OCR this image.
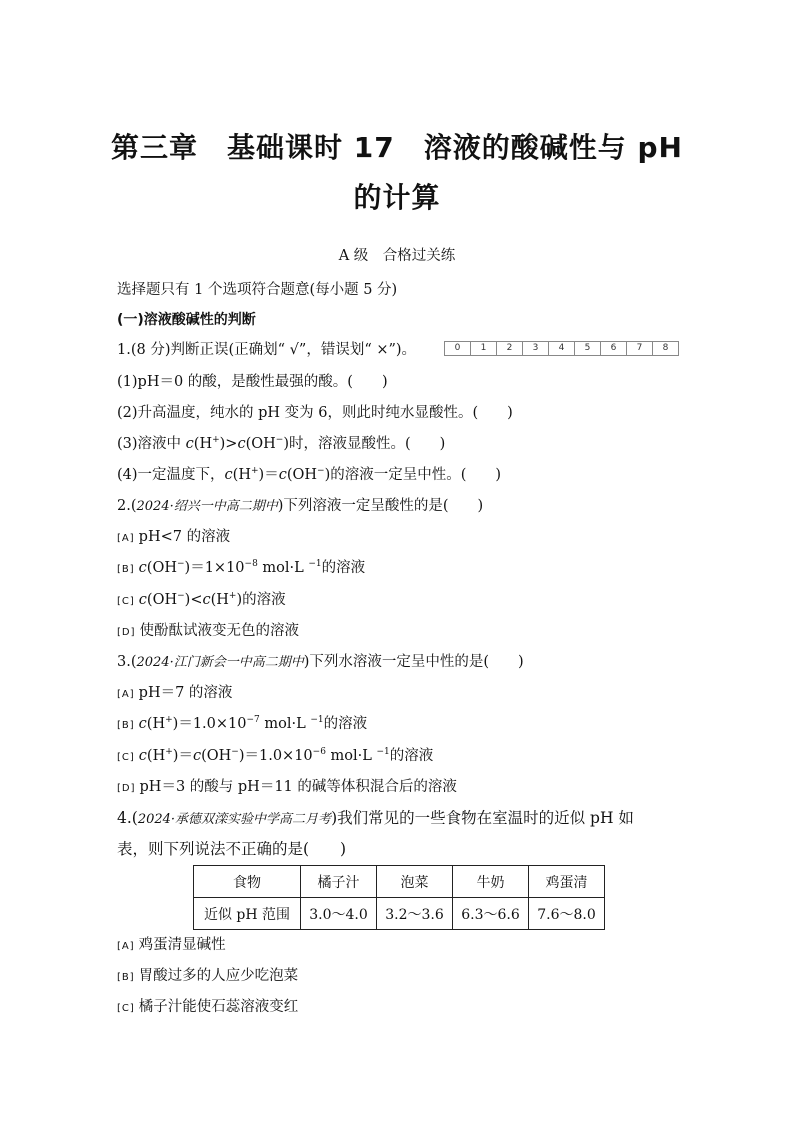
第三章　基础课时 17　溶液的酸碱性与 pH
的计算
A 级　合格过关练
选择题只有 1 个选项符合题意(每小题 5 分)
(一)溶液酸碱性的判断
1.(8 分)判断正误(正确划“ √”，错误划“ ×”)。	0	1	2	3	4	5	6	7	8
(1)pH＝0 的酸，是酸性最强的酸。(　　)
(2)升高温度，纯水的 pH 变为 6，则此时纯水显酸性。(　　)
(3)溶液中 c(H+)>c(OH−)时，溶液显酸性。(　　)
(4)一定温度下，c(H+)＝c(OH−)的溶液一定呈中性。(　　)
2.(2024·绍兴一中高二期中)下列溶液一定呈酸性的是(　　)
[A] pH<7 的溶液
[B] $c(OH^-)=1\times 10^{-8}$ mol·L $^{-1}$的溶液
[C] c(OH−)<c(H+)的溶液
[D] 使酚酞试液变无色的溶液
3.(2024·江门新会一中高二期中)下列水溶液一定呈中性的是(　　)
[A] pH＝7 的溶液
[B] $c(H^+)=1.0\times 10^{-7}$ mol·L $^{-1}$的溶液
[C] $c(H^+)=c(OH^-)=1.0\times 10^{-6}$ mol·L $^{-1}$的溶液
[D] pH＝3 的酸与 pH＝11 的碱等体积混合后的溶液
4.(2024·承德双滦实验中学高二月考)我们常见的一些食物在室温时的近似 pH 如
表，则下列说法不正确的是(　　)
食物	橘子汁	泡菜	牛奶	鸡蛋清
近似 pH 范围	3.0～4.0	3.2～3.6	6.3～6.6	7.6～8.0
[A] 鸡蛋清显碱性
[B] 胃酸过多的人应少吃泡菜
[C] 橘子汁能使石蕊溶液变红
